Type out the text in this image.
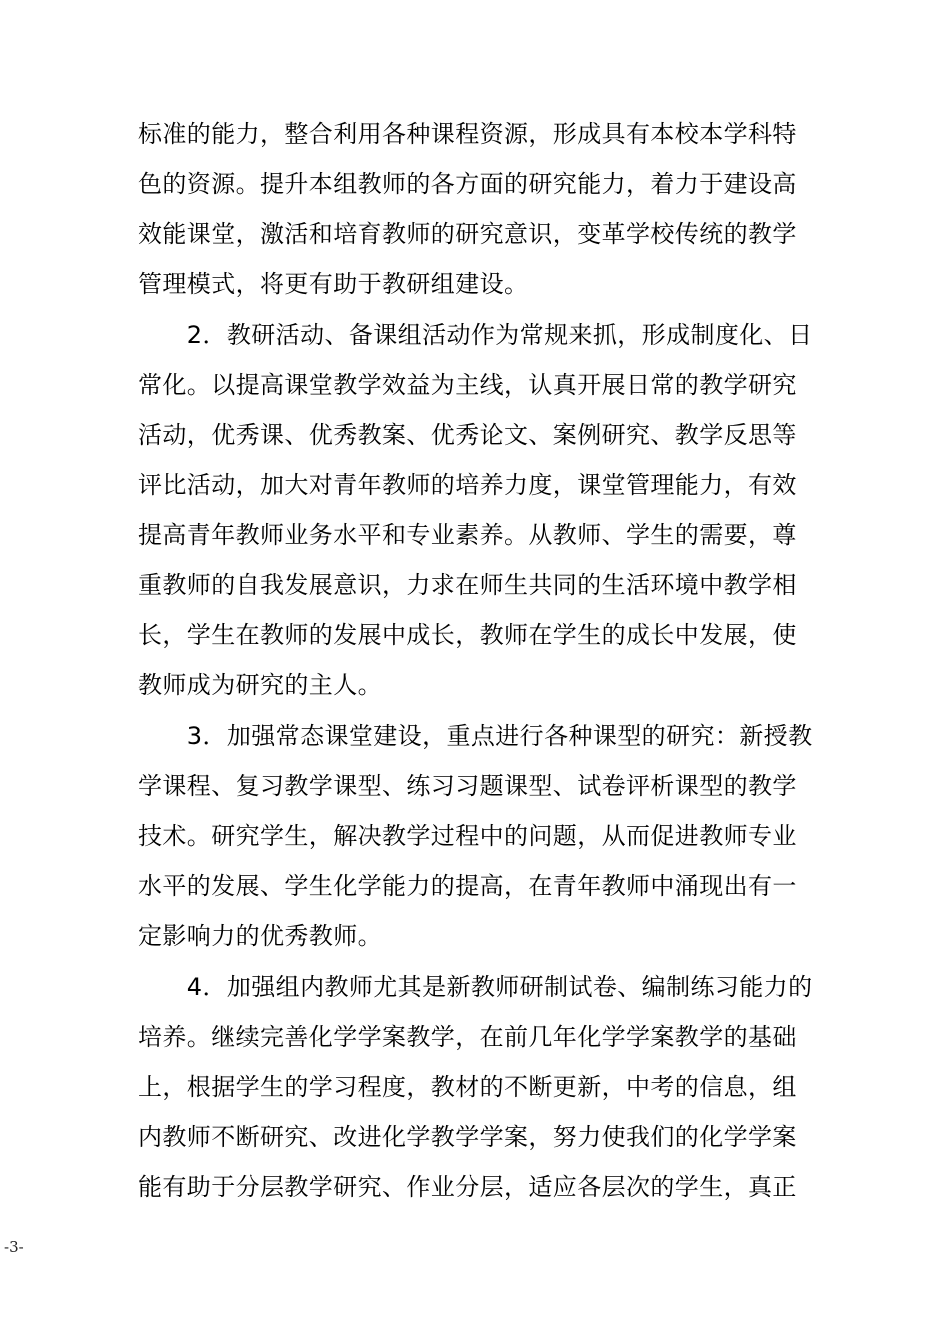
标准的能力，整合利用各种课程资源，形成具有本校本学科特
色的资源。提升本组教师的各方面的研究能力，着力于建设高
效能课堂，激活和培育教师的研究意识，变革学校传统的教学
管理模式，将更有助于教研组建设。
　　2．教研活动、备课组活动作为常规来抓，形成制度化、日
常化。以提高课堂教学效益为主线，认真开展日常的教学研究
活动，优秀课、优秀教案、优秀论文、案例研究、教学反思等
评比活动，加大对青年教师的培养力度，课堂管理能力，有效
提高青年教师业务水平和专业素养。从教师、学生的需要，尊
重教师的自我发展意识，力求在师生共同的生活环境中教学相
长，学生在教师的发展中成长，教师在学生的成长中发展，使
教师成为研究的主人。
　　3．加强常态课堂建设，重点进行各种课型的研究：新授教
学课程、复习教学课型、练习习题课型、试卷评析课型的教学
技术。研究学生，解决教学过程中的问题，从而促进教师专业
水平的发展、学生化学能力的提高，在青年教师中涌现出有一
定影响力的优秀教师。
　　4．加强组内教师尤其是新教师研制试卷、编制练习能力的
培养。继续完善化学学案教学，在前几年化学学案教学的基础
上，根据学生的学习程度，教材的不断更新，中考的信息，组
内教师不断研究、改进化学教学学案，努力使我们的化学学案
能有助于分层教学研究、作业分层，适应各层次的学生，真正
-3-
